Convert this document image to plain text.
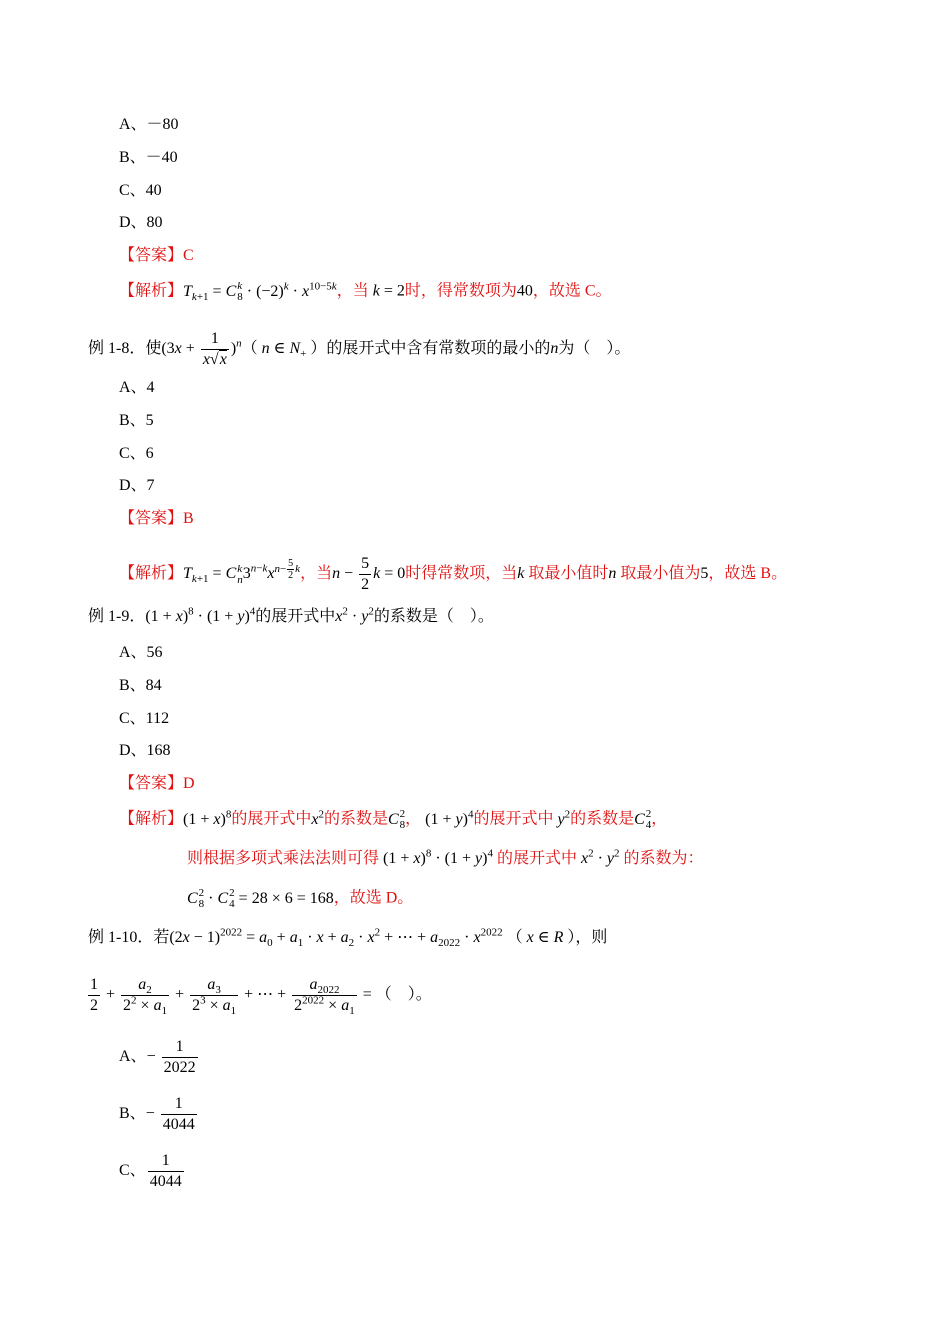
A、－80
B、－40
C、40
D、80
【答案】C
【解析】$T_{k+1} = C$ k
$8 \cdot (-2)^k \cdot x^{10-5k}$，当 k = 2时，得常数项为40，故选 C。
例 1-8．使$(3x + \frac{1}{x√x} )^n$（ n ∈ $N_+$ ）的展开式中含有常数项的最小的n为（　）。
A、4
B、5
C、6
D、7
【答案】B
【解析】$T_{k+1} = C$ k
n $3^{n-k}x^{n- \frac{5}{2} k}$，当$n - \frac{5}{2}$ k = 0时得常数项，当k 取最小值时n 取最小值为5，故选 B。
例 1-9．$(1 + x)^8 \cdot (1 + y)^4$的展开式中$x^2 \cdot y^2$的系数是（　）。
A、56
B、84
C、112
D、168
【答案】D
【解析】$(1 + x)^8$的展开式中$x^2$的系数是C 2
8 ， $(1 + y)^4$的展开式中 $y^2$的系数是C 2
4 ，
则根据多项式乘法法则可得 $(1 + x)^8 \cdot (1 + y)^4$ 的展开式中 $x^2 \cdot y^2$ 的系数为：
C 2
8 · C 2
4 = 28 × 6 = 168，故选 D。
例 1-10．若$(2x - 1)^{2022} = a_0 + a_1 \cdot x + a_2 \cdot x^2$ + ⋯ + $a_{2022} \cdot x^{2022}$ （ x ∈ R ），则
$\frac{1}{2} + \frac{a_2}{2^2 \times a_1} + \frac{a_3}{2^3 \times a_1}$ + ⋯ + $\frac{a_{2022}}{2^{2022} \times a_1}$ = （　）。
A、− $\frac{1}{2022}$
B、− $\frac{1}{4044}$
C、 $\frac{1}{4044}$
